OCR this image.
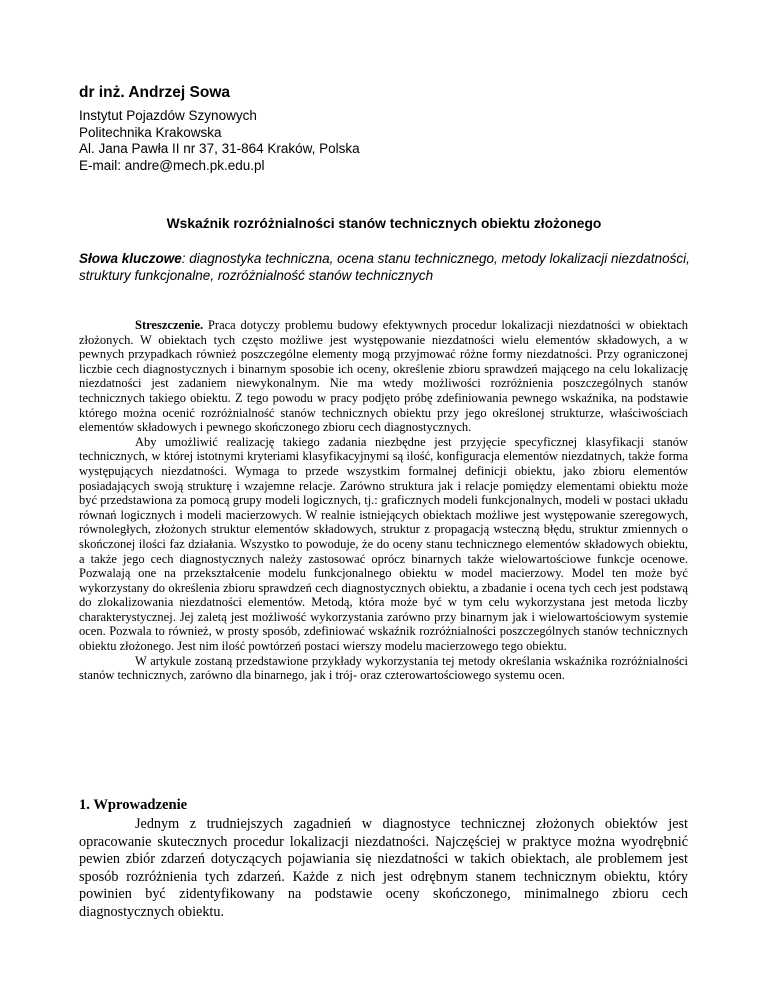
dr inż. Andrzej Sowa
Instytut Pojazdów Szynowych
Politechnika Krakowska
Al. Jana Pawła II nr 37, 31-864 Kraków, Polska
E-mail: andre@mech.pk.edu.pl
Wskaźnik rozróżnialności stanów technicznych obiektu złożonego

Słowa kluczowe: diagnostyka techniczna, ocena stanu technicznego, metody lokalizacji niezdatności, struktury funkcjonalne, rozróżnialność stanów technicznych

Streszczenie. Praca dotyczy problemu budowy efektywnych procedur lokalizacji niezdatności w obiektach złożonych. W obiektach tych często możliwe jest występowanie niezdatności wielu elementów składowych, a w pewnych przypadkach również poszczególne elementy mogą przyjmować różne formy niezdatności. Przy ograniczonej liczbie cech diagnostycznych i binarnym sposobie ich oceny, określenie zbioru sprawdzeń mającego na celu lokalizację niezdatności jest zadaniem niewykonalnym. Nie ma wtedy możliwości rozróżnienia poszczególnych stanów technicznych takiego obiektu. Z tego powodu w pracy podjęto próbę zdefiniowania pewnego wskaźnika, na podstawie którego można ocenić rozróżnialność stanów technicznych obiektu przy jego określonej strukturze, właściwościach elementów składowych i pewnego skończonego zbioru cech diagnostycznych.

Aby umożliwić realizację takiego zadania niezbędne jest przyjęcie specyficznej klasyfikacji stanów technicznych, w której istotnymi kryteriami klasyfikacyjnymi są ilość, konfiguracja elementów niezdatnych, także forma występujących niezdatności. Wymaga to przede wszystkim formalnej definicji obiektu, jako zbioru elementów posiadających swoją strukturę i wzajemne relacje. Zarówno struktura jak i relacje pomiędzy elementami obiektu może być przedstawiona za pomocą grupy modeli logicznych, tj.: graficznych modeli funkcjonalnych, modeli w postaci układu równań logicznych i modeli macierzowych. W realnie istniejących obiektach możliwe jest występowanie szeregowych, równoległych, złożonych struktur elementów składowych, struktur z propagacją wsteczną błędu, struktur zmiennych o skończonej ilości faz działania. Wszystko to powoduje, że do oceny stanu technicznego elementów składowych obiektu, a także jego cech diagnostycznych należy zastosować oprócz binarnych także wielowartościowe funkcje ocenowe. Pozwalają one na przekształcenie modelu funkcjonalnego obiektu w model macierzowy. Model ten może być wykorzystany do określenia zbioru sprawdzeń cech diagnostycznych obiektu, a zbadanie i ocena tych cech jest podstawą do zlokalizowania niezdatności elementów. Metodą, która może być w tym celu wykorzystana jest metoda liczby charakterystycznej. Jej zaletą jest możliwość wykorzystania zarówno przy binarnym jak i wielowartościowym systemie ocen. Pozwala to również, w prosty sposób, zdefiniować wskaźnik rozróżnialności poszczególnych stanów technicznych obiektu złożonego. Jest nim ilość powtórzeń postaci wierszy modelu macierzowego tego obiektu.

W artykule zostaną przedstawione przykłady wykorzystania tej metody określania wskaźnika rozróżnialności stanów technicznych, zarówno dla binarnego, jak i trój- oraz czterowartościowego systemu ocen.

1. Wprowadzenie

Jednym z trudniejszych zagadnień w diagnostyce technicznej złożonych obiektów jest opracowanie skutecznych procedur lokalizacji niezdatności. Najczęściej w praktyce można wyodrębnić pewien zbiór zdarzeń dotyczących pojawiania się niezdatności w takich obiektach, ale problemem jest sposób rozróżnienia tych zdarzeń. Każde z nich jest odrębnym stanem technicznym obiektu, który powinien być zidentyfikowany na podstawie oceny skończonego, minimalnego zbioru cech diagnostycznych obiektu.
